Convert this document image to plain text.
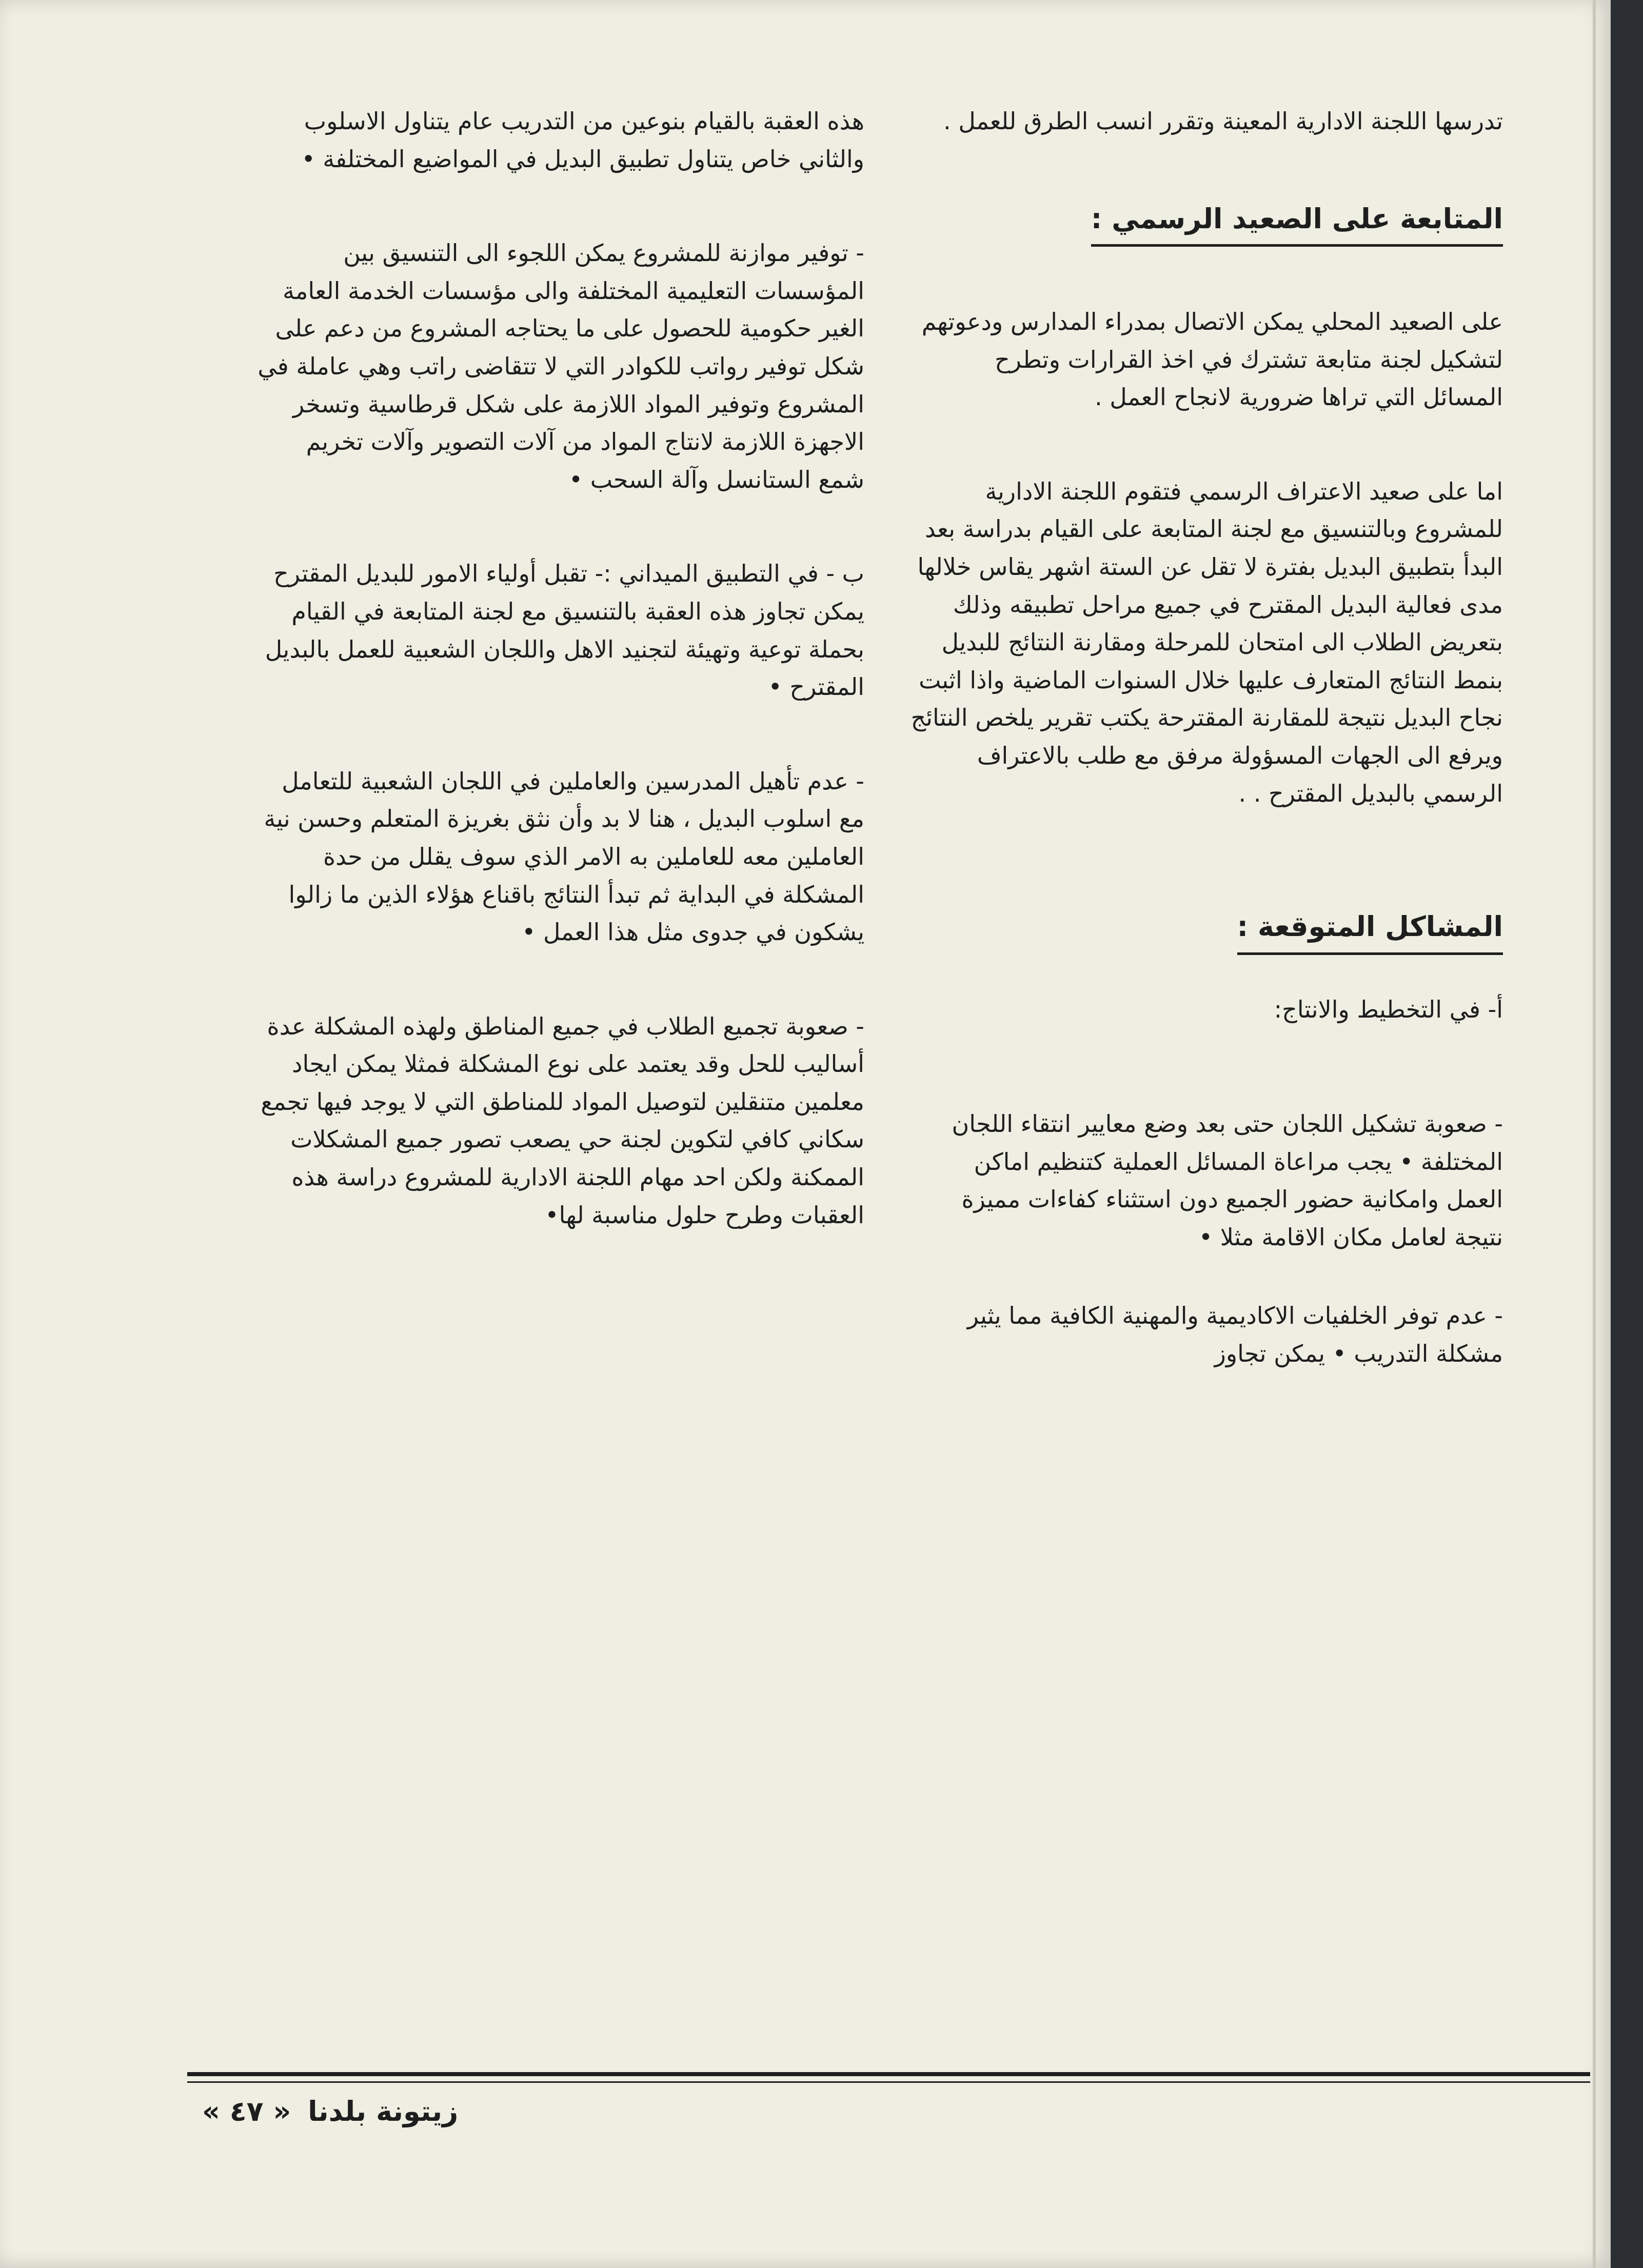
تدرسها اللجنة الادارية المعينة وتقرر انسب الطرق للعمل .

المتابعة على الصعيد الرسمي :

على الصعيد المحلي يمكن الاتصال بمدراء المدارس ودعوتهم لتشكيل لجنة متابعة تشترك في اخذ القرارات وتطرح المسائل التي تراها ضرورية لانجاح العمل .

اما على صعيد الاعتراف الرسمي فتقوم اللجنة الادارية للمشروع وبالتنسيق مع لجنة المتابعة على القيام بدراسة بعد البدأ بتطبيق البديل بفترة لا تقل عن الستة اشهر يقاس خلالها مدى فعالية البديل المقترح في جميع مراحل تطبيقه وذلك بتعريض الطلاب الى امتحان للمرحلة ومقارنة النتائج للبديل بنمط النتائج المتعارف عليها خلال السنوات الماضية واذا اثبت نجاح البديل نتيجة للمقارنة المقترحة يكتب تقرير يلخص النتائج ويرفع الى الجهات المسؤولة مرفق مع طلب بالاعتراف الرسمي بالبديل المقترح . .

المشاكل المتوقعة :

أ- في التخطيط والانتاج:

- صعوبة تشكيل اللجان حتى بعد وضع معايير انتقاء اللجان المختلفة • يجب مراعاة المسائل العملية كتنظيم اماكن العمل وامكانية حضور الجميع دون استثناء كفاءات مميزة نتيجة لعامل مكان الاقامة مثلا •

- عدم توفر الخلفيات الاكاديمية والمهنية الكافية مما يثير مشكلة التدريب • يمكن تجاوز

هذه العقبة بالقيام بنوعين من التدريب عام يتناول الاسلوب والثاني خاص يتناول تطبيق البديل في المواضيع المختلفة •

- توفير موازنة للمشروع يمكن اللجوء الى التنسيق بين المؤسسات التعليمية المختلفة والى مؤسسات الخدمة العامة الغير حكومية للحصول على ما يحتاجه المشروع من دعم على شكل توفير رواتب للكوادر التي لا تتقاضى راتب وهي عاملة في المشروع وتوفير المواد اللازمة على شكل قرطاسية وتسخر الاجهزة اللازمة لانتاج المواد من آلات التصوير وآلات تخريم شمع الستانسل وآلة السحب •

ب - في التطبيق الميداني :- تقبل أولياء الامور للبديل المقترح يمكن تجاوز هذه العقبة بالتنسيق مع لجنة المتابعة في القيام بحملة توعية وتهيئة لتجنيد الاهل واللجان الشعبية للعمل بالبديل المقترح •

- عدم تأهيل المدرسين والعاملين في اللجان الشعبية للتعامل مع اسلوب البديل ، هنا لا بد وأن نثق بغريزة المتعلم وحسن نية العاملين معه للعاملين به الامر الذي سوف يقلل من حدة المشكلة في البداية ثم تبدأ النتائج باقناع هؤلاء الذين ما زالوا يشكون في جدوى مثل هذا العمل •

- صعوبة تجميع الطلاب في جميع المناطق ولهذه المشكلة عدة أساليب للحل وقد يعتمد على نوع المشكلة فمثلا يمكن ايجاد معلمين متنقلين لتوصيل المواد للمناطق التي لا يوجد فيها تجمع سكاني كافي لتكوين لجنة حي يصعب تصور جميع المشكلات الممكنة ولكن احد مهام اللجنة الادارية للمشروع دراسة هذه العقبات وطرح حلول مناسبة لها•

زيتونة بلدنا « ٤٧ »
